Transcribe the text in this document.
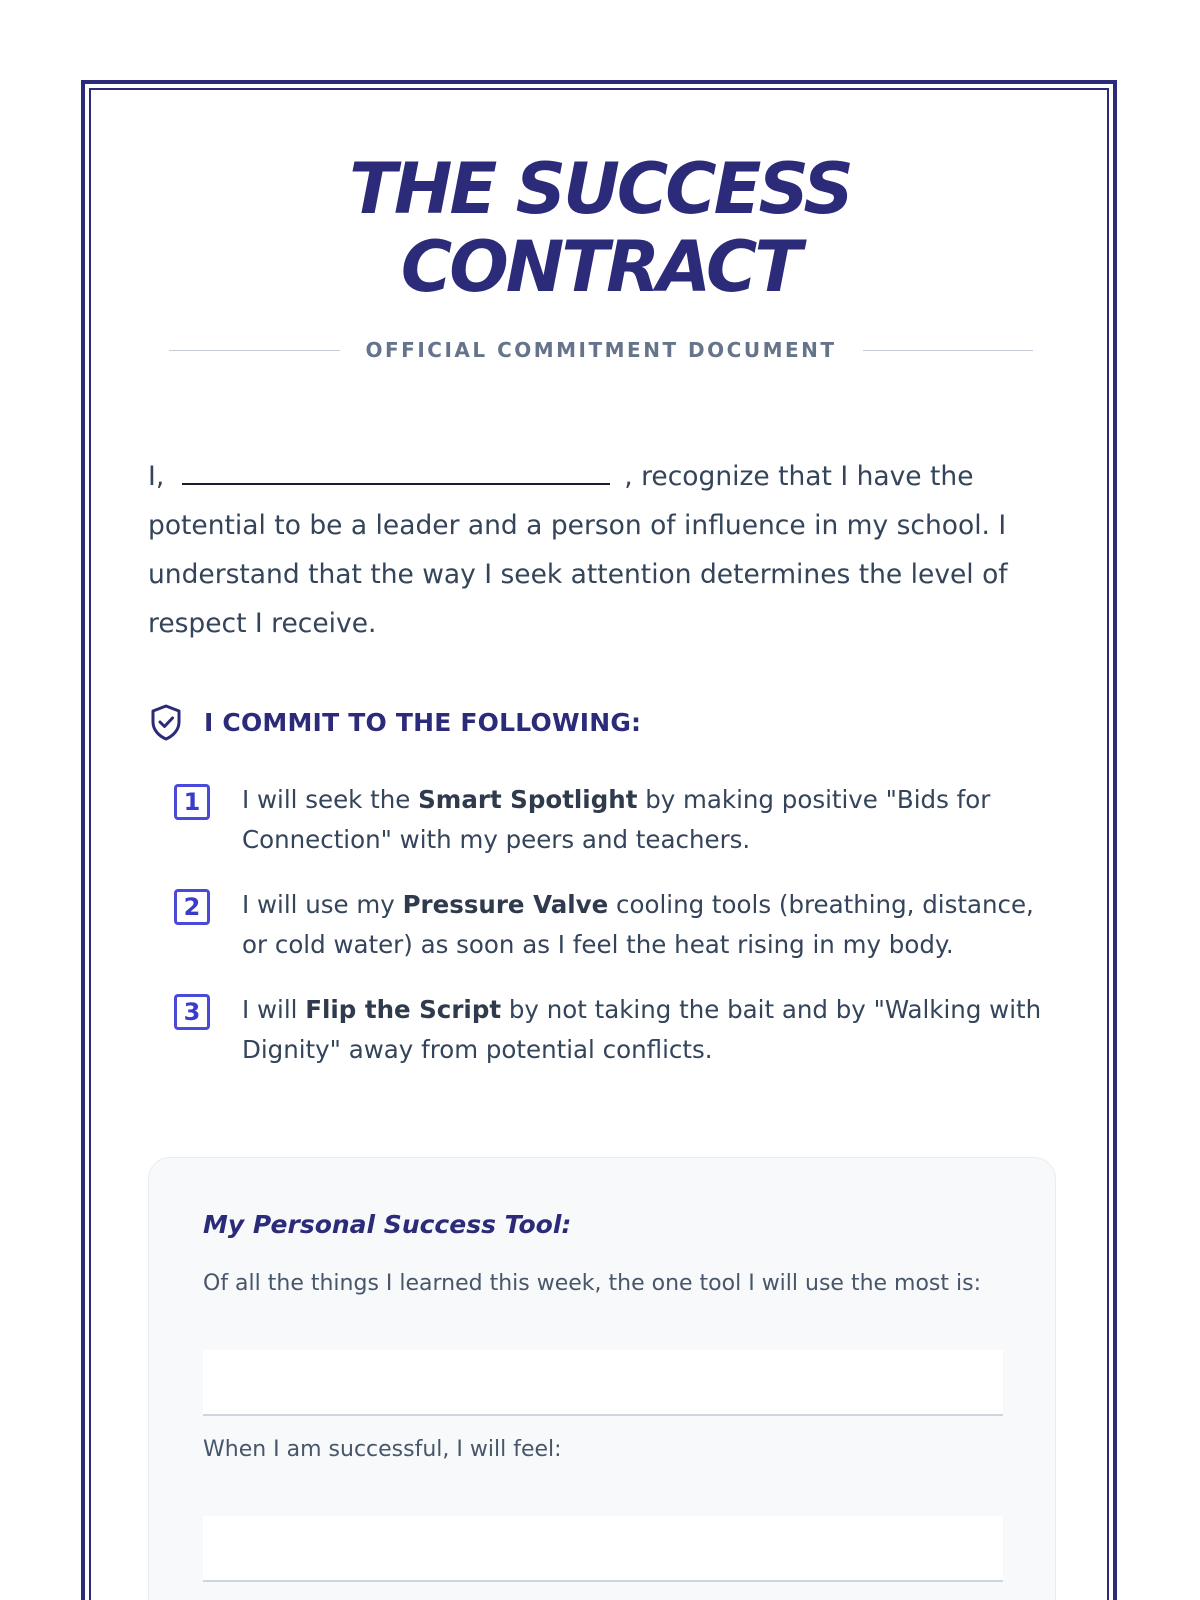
THE SUCCESS
CONTRACT
OFFICIAL COMMITMENT DOCUMENT

I,	, recognize that I have the potential to be a leader and a person of influence in my school. I understand that the way I seek attention determines the level of respect I receive.

I COMMIT TO THE FOLLOWING:
1	I will seek the Smart Spotlight by making positive "Bids for Connection" with my peers and teachers.
2	I will use my Pressure Valve cooling tools (breathing, distance, or cold water) as soon as I feel the heat rising in my body.
3	I will Flip the Script by not taking the bait and by "Walking with Dignity" away from potential conflicts.
My Personal Success Tool:

Of all the things I learned this week, the one tool I will use the most is:

When I am successful, I will feel:
